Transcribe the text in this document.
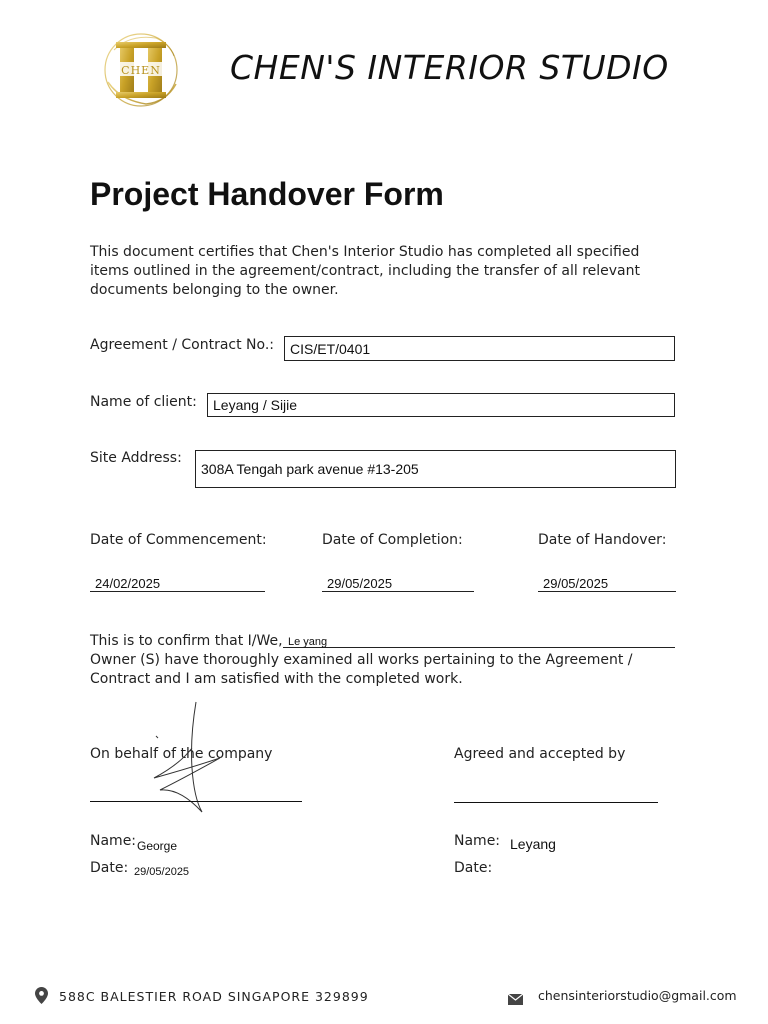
CHEN CHEN'S INTERIOR STUDIO
Project Handover Form
This document certifies that Chen's Interior Studio has completed all specified items outlined in the agreement/contract, including the transfer of all relevant documents belonging to the owner.
Agreement / Contract No.:	CIS/ET/0401
Name of client:	Leyang / Sijie
Site Address:
308A Tengah park avenue #13-205
Date of Commencement:	Date of Completion:	Date of Handover:
24/02/2025	29/05/2025	29/05/2025
Le yang
This is to confirm that I/We,
Owner (S) have thoroughly examined all works pertaining to the Agreement / Contract and I am satisfied with the completed work.
On behalf of the company	Agreed and accepted by
Name: George
Date: 29/05/2025
Name: Leyang
Date:
588C BALESTIER ROAD SINGAPORE 329899	chensinteriorstudio@gmail.com
